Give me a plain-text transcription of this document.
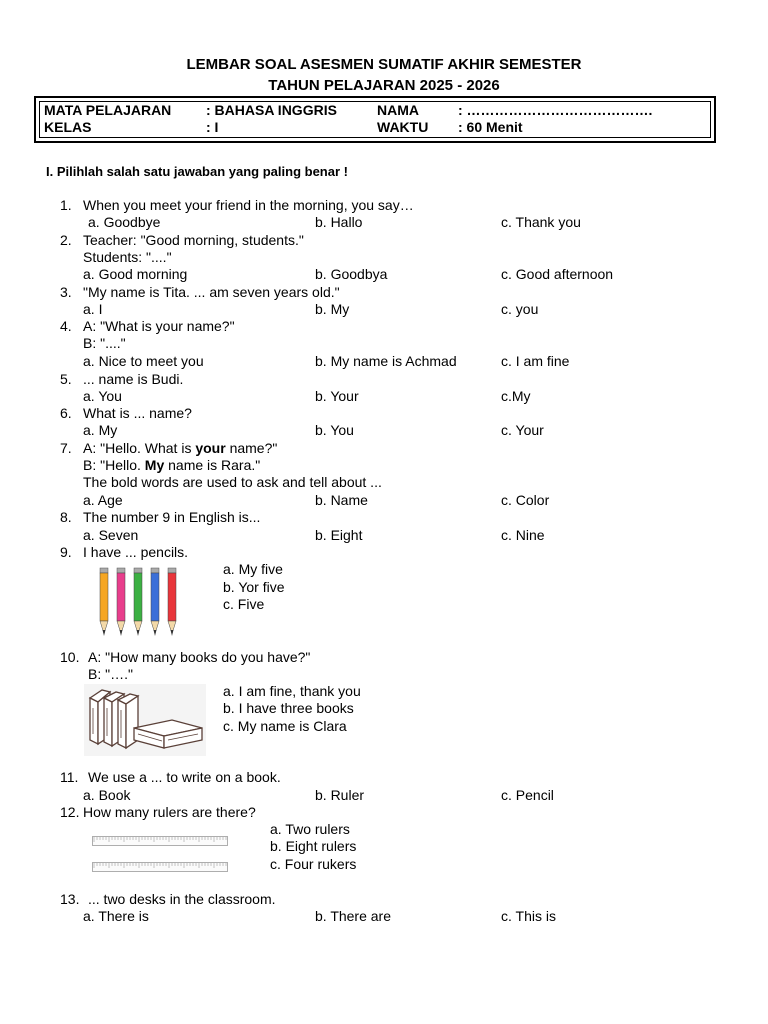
LEMBAR SOAL ASESMEN SUMATIF AKHIR SEMESTER
TAHUN PELAJARAN 2025 - 2026
MATA PELAJARAN : BAHASA INGGRIS	NAMA	: ………………………………….
KELAS	: I	WAKTU : 60 Menit
I. Pilihlah salah satu jawaban yang paling benar !
1. When you meet your friend in the morning, you say…
a. Goodbye	b. Hallo	c. Thank you
2. Teacher: "Good morning, students."
Students: "...."
a. Good morning	b. Goodbya	c. Good afternoon
3. "My name is Tita. ... am seven years old."
a. I	b. My	c. you
4. A: "What is your name?"
B: "...."
a. Nice to meet you	b. My name is Achmad	c. I am fine
5. ... name is Budi.
a. You	b. Your	c.My
6. What is ... name?
a. My	b. You	c. Your
7. A: "Hello. What is your name?"
B: "Hello. My name is Rara."
The bold words are used to ask and tell about ...
a. Age	b. Name	c. Color
8. The number 9 in English is...
a. Seven	b. Eight	c. Nine
9. I have ... pencils.
a. My five
b. Yor five
c. Five
10. A: "How many books do you have?"
B: "…."
a. I am fine, thank you
b. I have three books
c. My name is Clara
11. We use a ... to write on a book.
a. Book	b. Ruler	c. Pencil
12. How many rulers are there?
a. Two rulers
b. Eight rulers
c. Four rukers
13. ... two desks in the classroom.
a. There is	b. There are	c. This is
